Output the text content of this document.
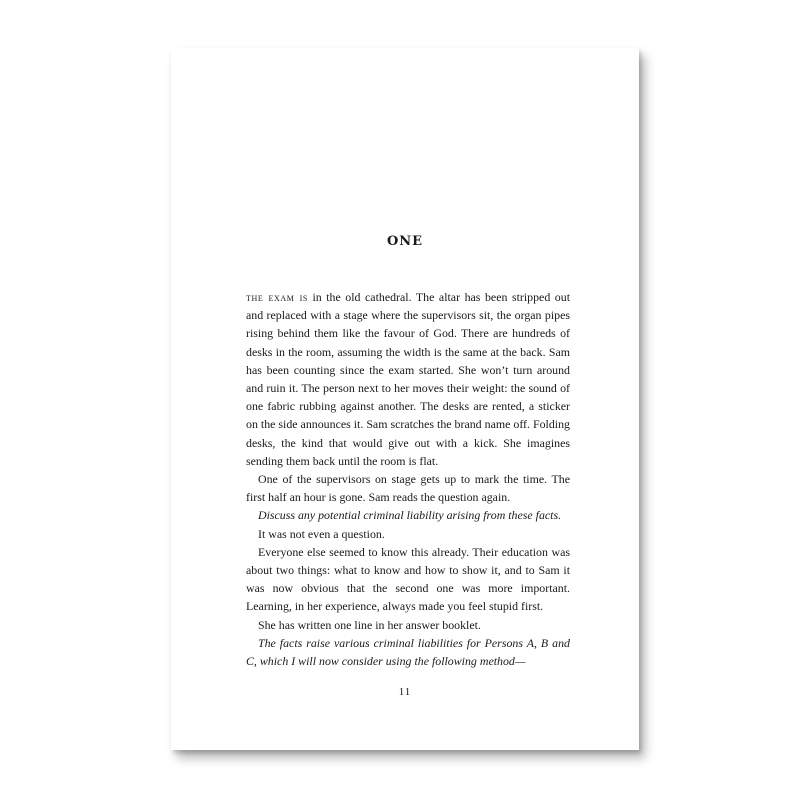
ONE

the exam is in the old cathedral. The altar has been stripped out and replaced with a stage where the supervisors sit, the organ pipes rising behind them like the favour of God. There are hundreds of desks in the room, assuming the width is the same at the back. Sam has been counting since the exam started. She won’t turn around and ruin it. The person next to her moves their weight: the sound of one fabric rubbing against another. The desks are rented, a sticker on the side announces it. Sam scratches the brand name off. Folding desks, the kind that would give out with a kick. She imagines sending them back until the room is flat.

One of the supervisors on stage gets up to mark the time. The first half an hour is gone. Sam reads the question again.

Discuss any potential criminal liability arising from these facts.

It was not even a question.

Everyone else seemed to know this already. Their education was about two things: what to know and how to show it, and to Sam it was now obvious that the second one was more important. Learning, in her experience, always made you feel stupid first.

She has written one line in her answer booklet.

The facts raise various criminal liabilities for Persons A, B and C, which I will now consider using the following method—

11
